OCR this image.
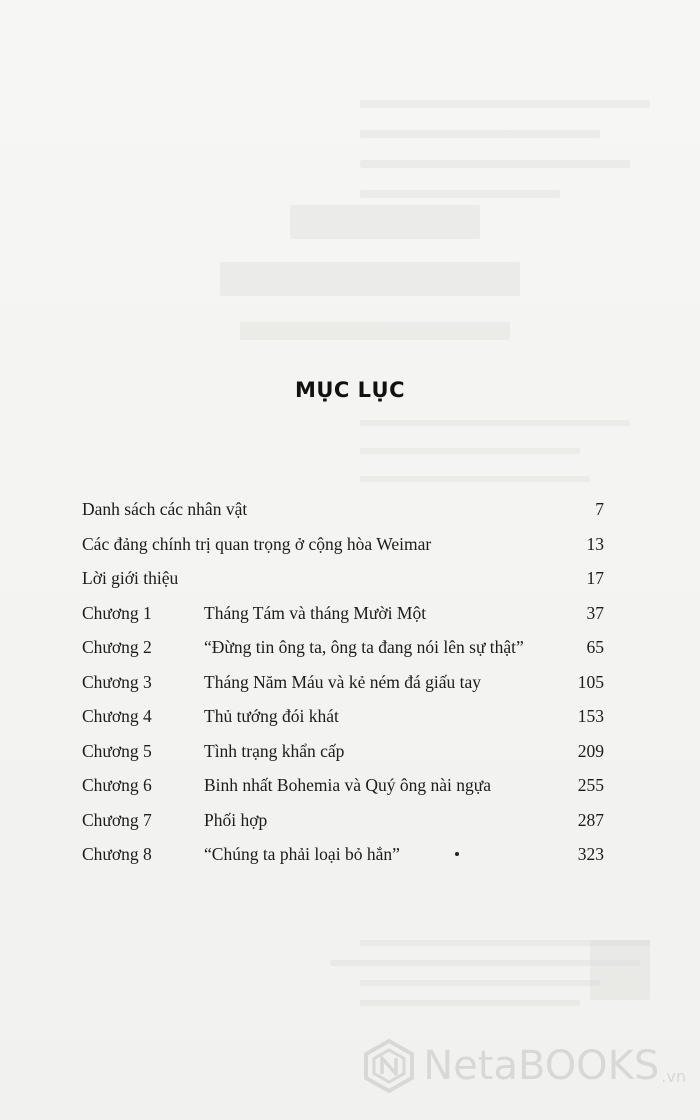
MỤC LỤC
Danh sách các nhân vật	7
Các đảng chính trị quan trọng ở cộng hòa Weimar	13
Lời giới thiệu	17
Chương 1	Tháng Tám và tháng Mười Một	37
Chương 2	“Đừng tin ông ta, ông ta đang nói lên sự thật”	65
Chương 3	Tháng Năm Máu và kẻ ném đá giấu tay	105
Chương 4	Thủ tướng đói khát	153
Chương 5	Tình trạng khẩn cấp	209
Chương 6	Binh nhất Bohemia và Quý ông nài ngựa	255
Chương 7	Phối hợp	287
Chương 8	“Chúng ta phải loại bỏ hắn”	323
NetaBOOKS .vn
